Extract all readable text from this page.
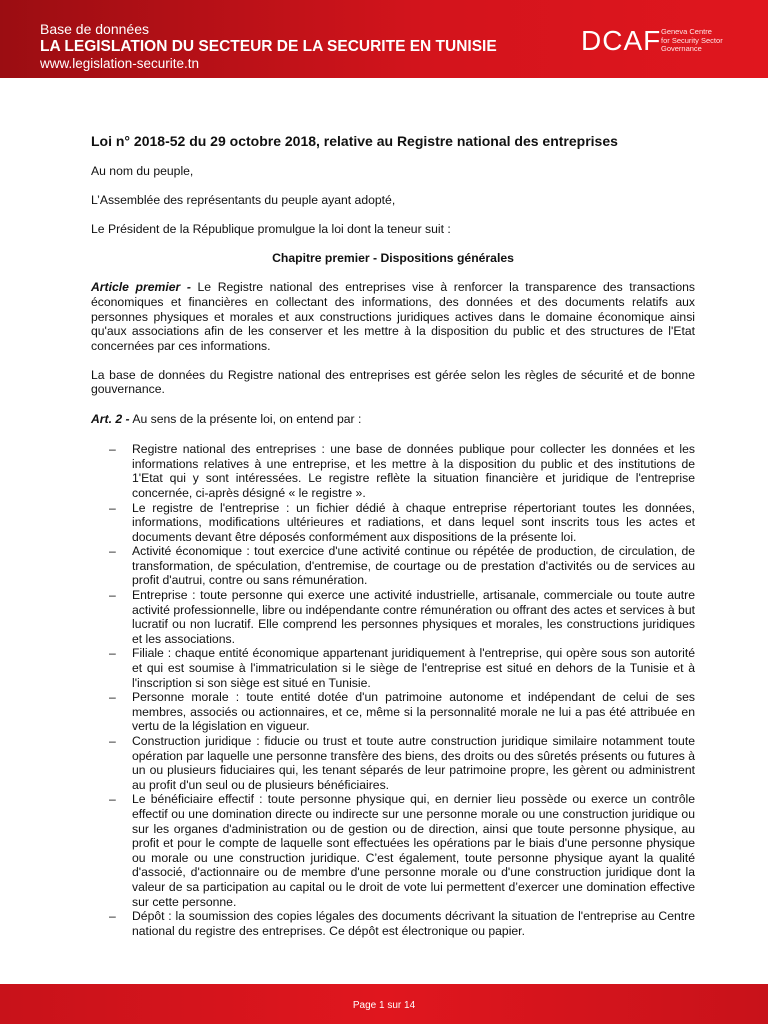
Base de données
LA LEGISLATION DU SECTEUR DE LA SECURITE EN TUNISIE
www.legislation-securite.tn
DCAF Geneva Centre
for Security Sector
Governance
Loi n° 2018-52 du 29 octobre 2018, relative au Registre national des entreprises

Au nom du peuple,

L’Assemblée des représentants du peuple ayant adopté,

Le Président de la République promulgue la loi dont la teneur suit :

Chapitre premier - Dispositions générales

Article premier - Le Registre national des entreprises vise à renforcer la transparence des transactions économiques et financières en collectant des informations, des données et des documents relatifs aux personnes physiques et morales et aux constructions juridiques actives dans le domaine économique ainsi qu'aux associations afin de les conserver et les mettre à la disposition du public et des structures de l'Etat concernées par ces informations.

La base de données du Registre national des entreprises est gérée selon les règles de sécurité et de bonne gouvernance.

Art. 2 - Au sens de la présente loi, on entend par :

– Registre national des entreprises : une base de données publique pour collecter les données et les informations relatives à une entreprise, et les mettre à la disposition du public et des institutions de 1'Etat qui y sont intéressées. Le registre reflète la situation financière et juridique de l'entreprise concernée, ci-après désigné « le registre ».
– Le registre de l'entreprise : un fichier dédié à chaque entreprise répertoriant toutes les données, informations, modifications ultérieures et radiations, et dans lequel sont inscrits tous les actes et documents devant être déposés conformément aux dispositions de la présente loi.
– Activité économique : tout exercice d'une activité continue ou répétée de production, de circulation, de transformation, de spéculation, d'entremise, de courtage ou de prestation d'activités ou de services au profit d'autrui, contre ou sans rémunération.
– Entreprise : toute personne qui exerce une activité industrielle, artisanale, commerciale ou toute autre activité professionnelle, libre ou indépendante contre rémunération ou offrant des actes et services à but lucratif ou non lucratif. Elle comprend les personnes physiques et morales, les constructions juridiques et les associations.
– Filiale : chaque entité économique appartenant juridiquement à l'entreprise, qui opère sous son autorité et qui est soumise à l'immatriculation si le siège de l'entreprise est situé en dehors de la Tunisie et à l'inscription si son siège est situé en Tunisie.
– Personne morale : toute entité dotée d'un patrimoine autonome et indépendant de celui de ses membres, associés ou actionnaires, et ce, même si la personnalité morale ne lui a pas été attribuée en vertu de la législation en vigueur.
– Construction juridique : fiducie ou trust et toute autre construction juridique similaire notamment toute opération par laquelle une personne transfère des biens, des droits ou des sûretés présents ou futures à un ou plusieurs fiduciaires qui, les tenant séparés de leur patrimoine propre, les gèrent ou administrent au profit d'un seul ou de plusieurs bénéficiaires.
– Le bénéficiaire effectif : toute personne physique qui, en dernier lieu possède ou exerce un contrôle effectif ou une domination directe ou indirecte sur une personne morale ou une construction juridique ou sur les organes d'administration ou de gestion ou de direction, ainsi que toute personne physique, au profit et pour le compte de laquelle sont effectuées les opérations par le biais d'une personne physique ou morale ou une construction juridique. C’est également, toute personne physique ayant la qualité d'associé, d'actionnaire ou de membre d'une personne morale ou d'une construction juridique dont la valeur de sa participation au capital ou le droit de vote lui permettent d’exercer une domination effective sur cette personne.
– Dépôt : la soumission des copies légales des documents décrivant la situation de l'entreprise au Centre national du registre des entreprises. Ce dépôt est électronique ou papier.
Page 1 sur 14
